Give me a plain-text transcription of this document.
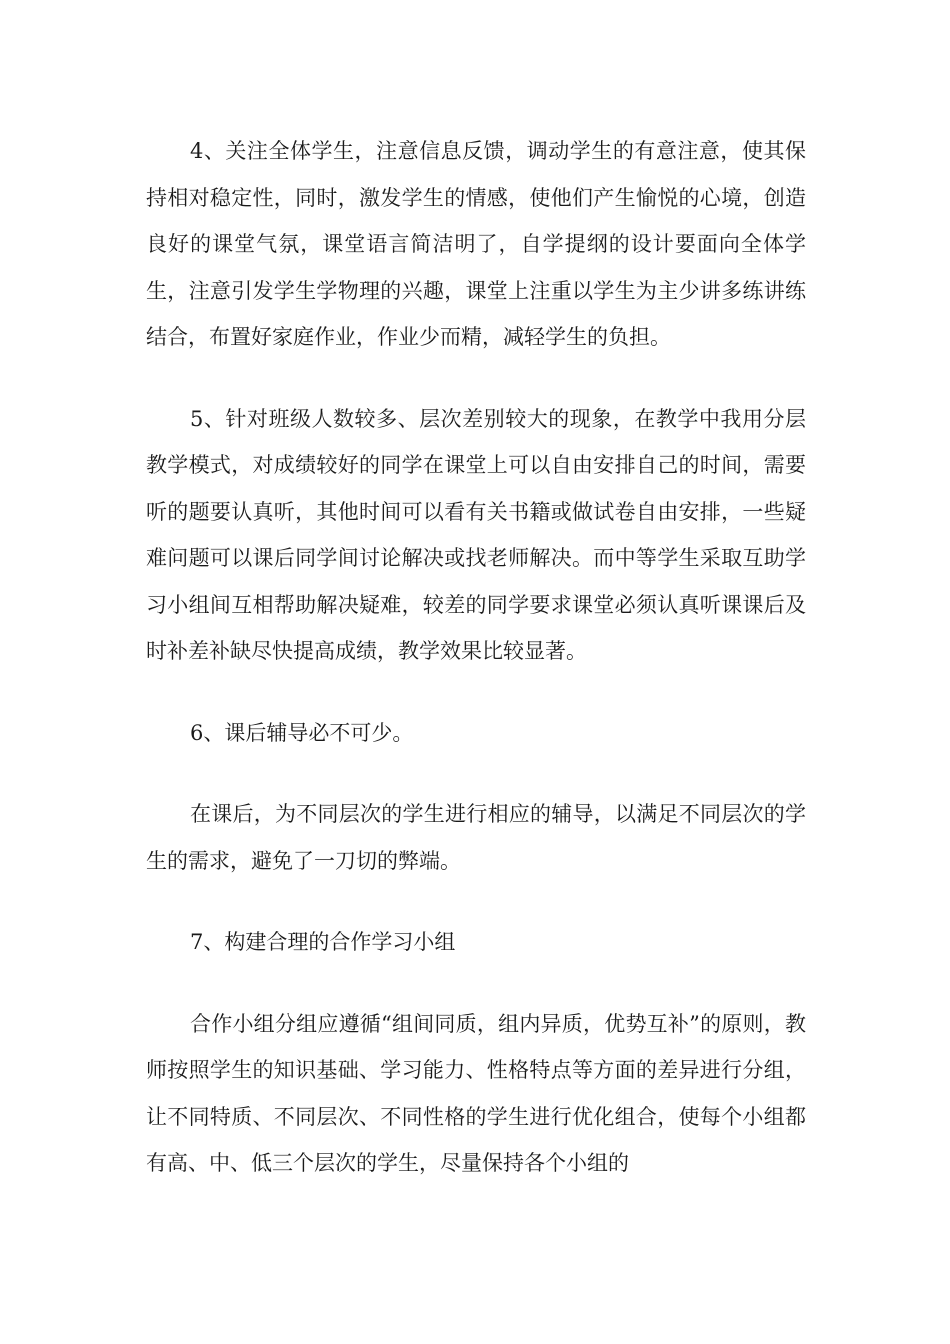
4、关注全体学生，注意信息反馈，调动学生的有意注意，使其保持相对稳定性，同时，激发学生的情感，使他们产生愉悦的心境，创造良好的课堂气氛，课堂语言简洁明了，自学提纲的设计要面向全体学生，注意引发学生学物理的兴趣，课堂上注重以学生为主少讲多练讲练结合，布置好家庭作业，作业少而精，减轻学生的负担。

5、针对班级人数较多、层次差别较大的现象，在教学中我用分层教学模式，对成绩较好的同学在课堂上可以自由安排自己的时间，需要听的题要认真听，其他时间可以看有关书籍或做试卷自由安排，一些疑难问题可以课后同学间讨论解决或找老师解决。而中等学生采取互助学习小组间互相帮助解决疑难，较差的同学要求课堂必须认真听课课后及时补差补缺尽快提高成绩，教学效果比较显著。

6、课后辅导必不可少。

在课后，为不同层次的学生进行相应的辅导，以满足不同层次的学生的需求，避免了一刀切的弊端。

7、构建合理的合作学习小组

合作小组分组应遵循“组间同质，组内异质，优势互补”的原则，教师按照学生的知识基础、学习能力、性格特点等方面的差异进行分组，让不同特质、不同层次、不同性格的学生进行优化组合，使每个小组都有高、中、低三个层次的学生，尽量保持各个小组的
